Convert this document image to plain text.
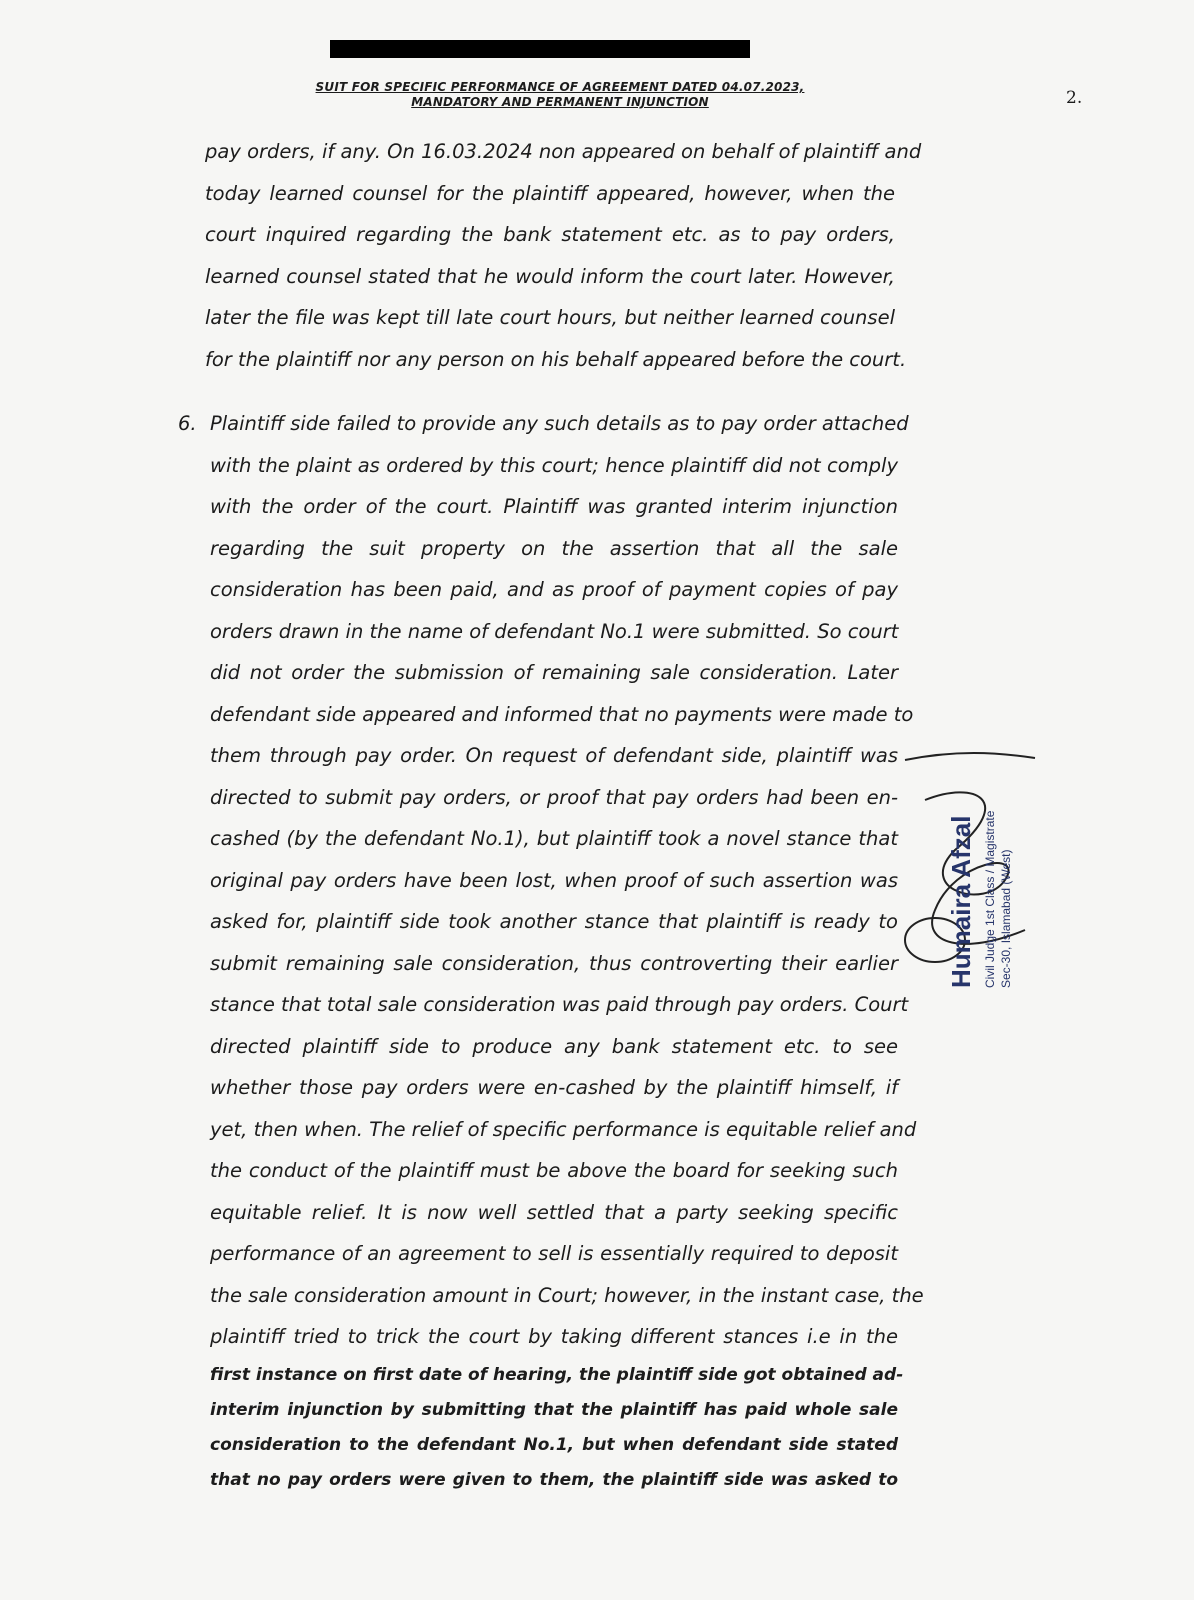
SUIT FOR SPECIFIC PERFORMANCE OF AGREEMENT DATED 04.07.2023,
MANDATORY AND PERMANENT INJUNCTION	2.
pay orders, if any. On 16.03.2024 non appeared on behalf of plaintiff and
today learned counsel for the plaintiff appeared, however, when the
court inquired regarding the bank statement etc. as to pay orders,
learned counsel stated that he would inform the court later. However,
later the file was kept till late court hours, but neither learned counsel
for the plaintiff nor any person on his behalf appeared before the court.
6. Plaintiff side failed to provide any such details as to pay order attached
with the plaint as ordered by this court; hence plaintiff did not comply
with the order of the court. Plaintiff was granted interim injunction
regarding the suit property on the assertion that all the sale
consideration has been paid, and as proof of payment copies of pay
orders drawn in the name of defendant No.1 were submitted. So court
did not order the submission of remaining sale consideration. Later
defendant side appeared and informed that no payments were made to
them through pay order. On request of defendant side, plaintiff was
directed to submit pay orders, or proof that pay orders had been en-
cashed (by the defendant No.1), but plaintiff took a novel stance that
original pay orders have been lost, when proof of such assertion was
asked for, plaintiff side took another stance that plaintiff is ready to
submit remaining sale consideration, thus controverting their earlier
stance that total sale consideration was paid through pay orders. Court
directed plaintiff side to produce any bank statement etc. to see
whether those pay orders were en-cashed by the plaintiff himself, if
yet, then when. The relief of specific performance is equitable relief and
the conduct of the plaintiff must be above the board for seeking such
equitable relief. It is now well settled that a party seeking specific
performance of an agreement to sell is essentially required to deposit
the sale consideration amount in Court; however, in the instant case, the
plaintiff tried to trick the court by taking different stances i.e in the
first instance on first date of hearing, the plaintiff side got obtained ad-
interim injunction by submitting that the plaintiff has paid whole sale
consideration to the defendant No.1, but when defendant side stated
that no pay orders were given to them, the plaintiff side was asked to
Humaira Afzal Civil Judge 1st Class / Magistrate Sec-30, Islamabad (West)
